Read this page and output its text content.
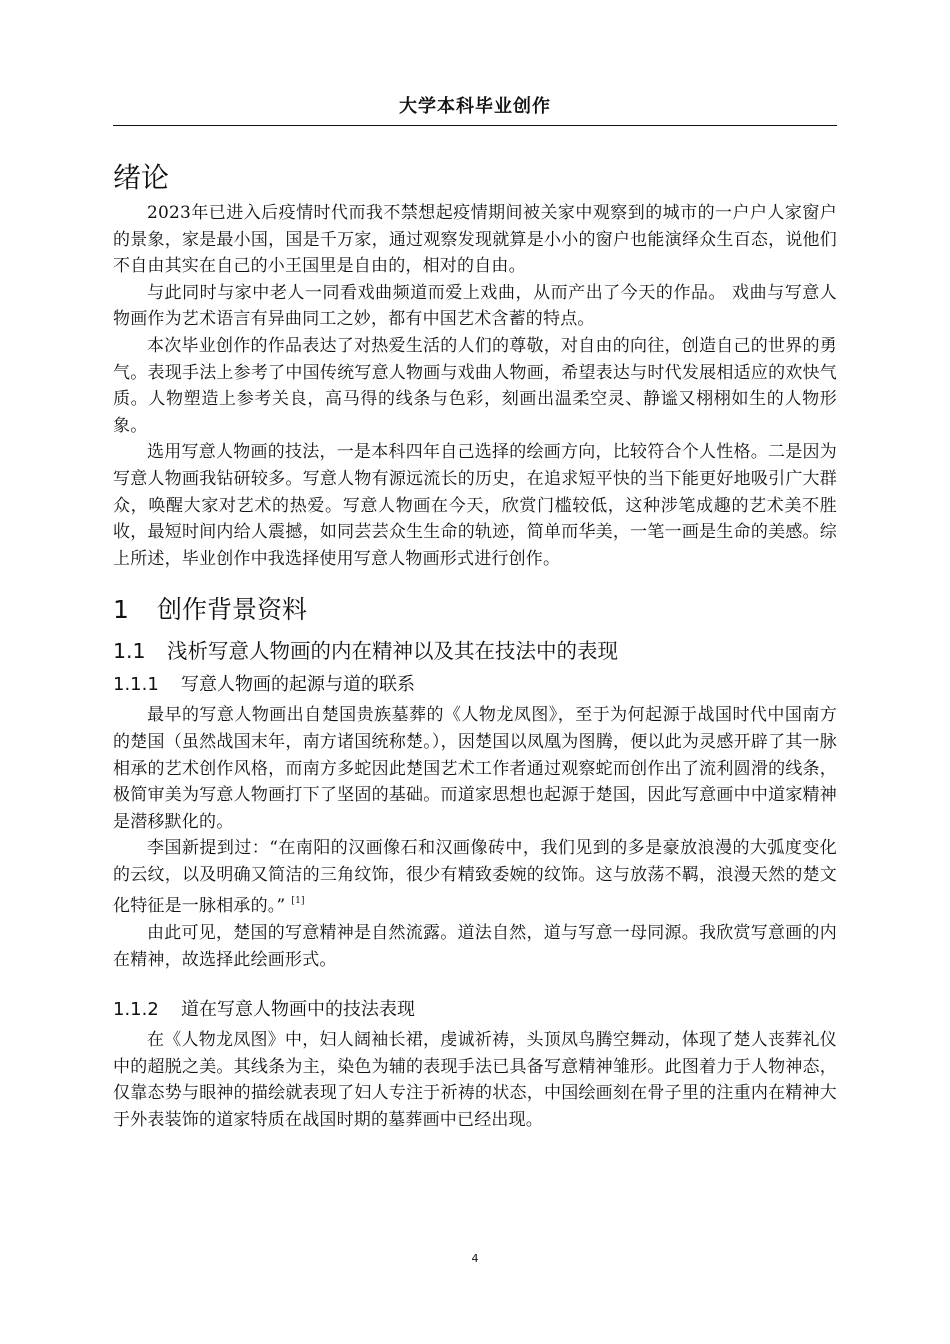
大学本科毕业创作
绪论

2023年已进入后疫情时代而我不禁想起疫情期间被关家中观察到的城市的一户户人家窗户的景象，家是最小国，国是千万家，通过观察发现就算是小小的窗户也能演绎众生百态，说他们不自由其实在自己的小王国里是自由的，相对的自由。

与此同时与家中老人一同看戏曲频道而爱上戏曲，从而产出了今天的作品。 戏曲与写意人物画作为艺术语言有异曲同工之妙，都有中国艺术含蓄的特点。

本次毕业创作的作品表达了对热爱生活的人们的尊敬，对自由的向往，创造自己的世界的勇气。表现手法上参考了中国传统写意人物画与戏曲人物画，希望表达与时代发展相适应的欢快气质。人物塑造上参考关良，高马得的线条与色彩，刻画出温柔空灵、静谧又栩栩如生的人物形象。

选用写意人物画的技法，一是本科四年自己选择的绘画方向，比较符合个人性格。二是因为写意人物画我钻研较多。写意人物有源远流长的历史，在追求短平快的当下能更好地吸引广大群众，唤醒大家对艺术的热爱。写意人物画在今天，欣赏门槛较低，这种涉笔成趣的艺术美不胜收，最短时间内给人震撼，如同芸芸众生生命的轨迹，简单而华美，一笔一画是生命的美感。综上所述，毕业创作中我选择使用写意人物画形式进行创作。

1 创作背景资料
1.1 浅析写意人物画的内在精神以及其在技法中的表现
1.1.1 写意人物画的起源与道的联系

最早的写意人物画出自楚国贵族墓葬的《人物龙凤图》，至于为何起源于战国时代中国南方的楚国（虽然战国末年，南方诸国统称楚。），因楚国以凤凰为图腾，便以此为灵感开辟了其一脉相承的艺术创作风格，而南方多蛇因此楚国艺术工作者通过观察蛇而创作出了流利圆滑的线条，极简审美为写意人物画打下了坚固的基础。而道家思想也起源于楚国，因此写意画中中道家精神是潜移默化的。

李国新提到过：“在南阳的汉画像石和汉画像砖中，我们见到的多是豪放浪漫的大弧度变化的云纹，以及明确又简洁的三角纹饰，很少有精致委婉的纹饰。这与放荡不羁，浪漫天然的楚文化特征是一脉相承的。” [1]

由此可见，楚国的写意精神是自然流露。道法自然，道与写意一母同源。我欣赏写意画的内在精神，故选择此绘画形式。

1.1.2 道在写意人物画中的技法表现

在《人物龙凤图》中，妇人阔袖长裙，虔诚祈祷，头顶凤鸟腾空舞动，体现了楚人丧葬礼仪中的超脱之美。其线条为主，染色为辅的表现手法已具备写意精神雏形。此图着力于人物神态，仅靠态势与眼神的描绘就表现了妇人专注于祈祷的状态，中国绘画刻在骨子里的注重内在精神大于外表装饰的道家特质在战国时期的墓葬画中已经出现。

4
